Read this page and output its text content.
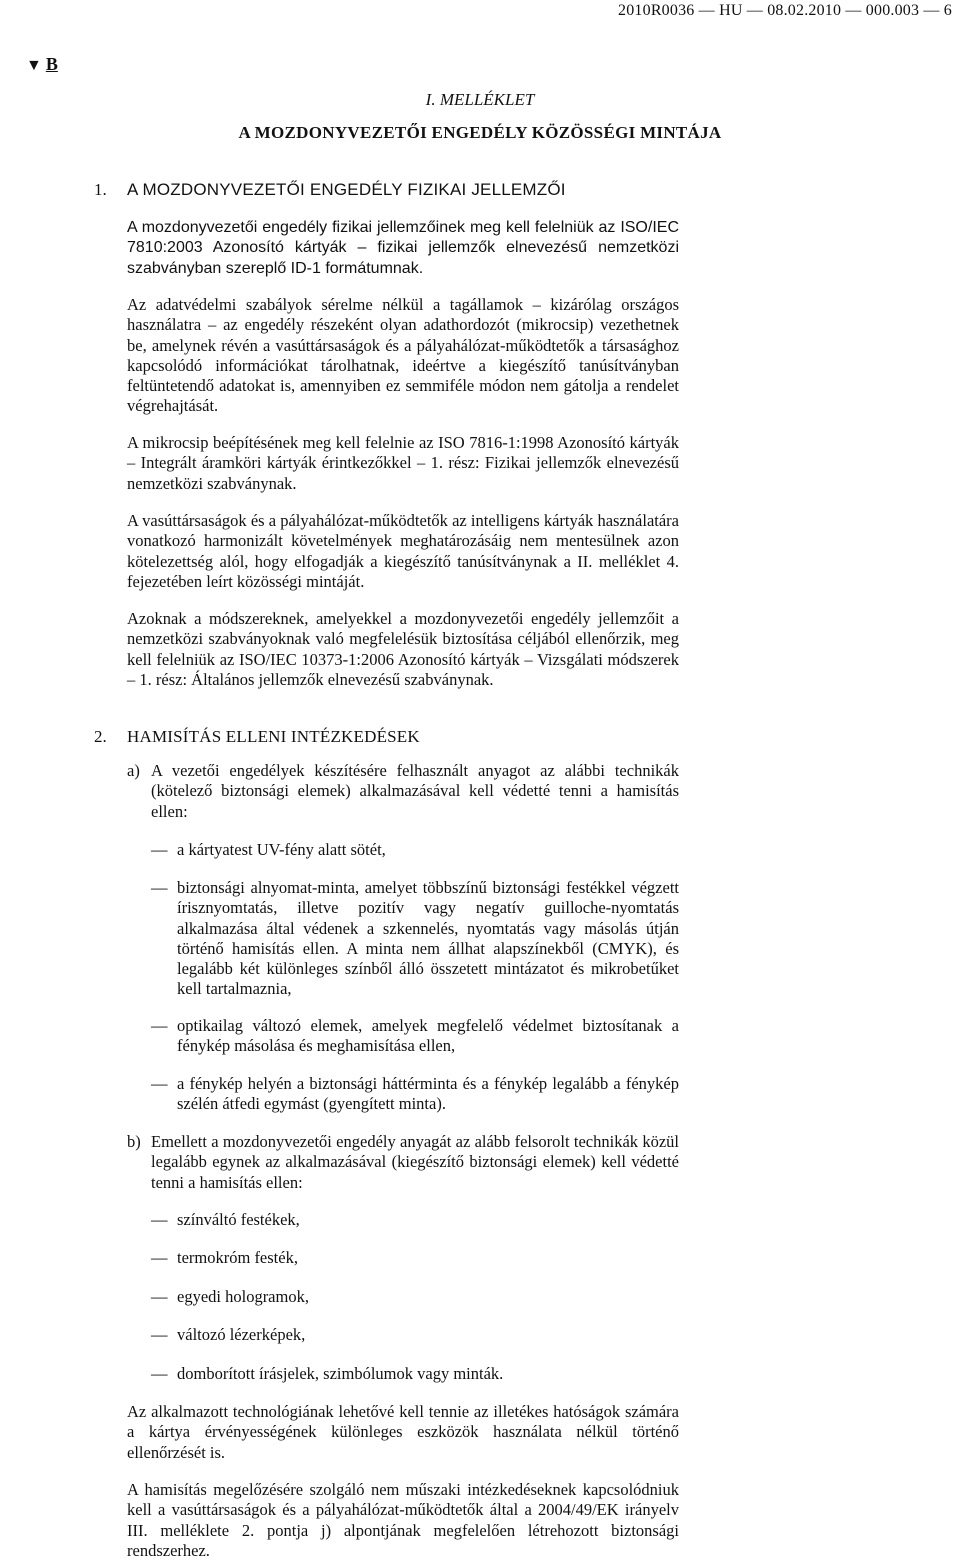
2010R0036 — HU — 08.02.2010 — 000.003 — 6
▼ B
I. MELLÉKLET
A MOZDONYVEZETŐI ENGEDÉLY KÖZÖSSÉGI MINTÁJA
1. A MOZDONYVEZETŐI ENGEDÉLY FIZIKAI JELLEMZŐI

A mozdonyvezetői engedély fizikai jellemzőinek meg kell felelniük az ISO/IEC 7810:2003 Azonosító kártyák – fizikai jellemzők elnevezésű nemzetközi szabványban szereplő ID-1 formátumnak.

Az adatvédelmi szabályok sérelme nélkül a tagállamok – kizárólag országos használatra – az engedély részeként olyan adathordozót (mikrocsip) vezethetnek be, amelynek révén a vasúttársaságok és a pályahálózat-működtetők a társasághoz kapcsolódó információkat tárolhatnak, ideértve a kiegészítő tanúsítványban feltüntetendő adatokat is, amennyiben ez semmiféle módon nem gátolja a rendelet végrehajtását.

A mikrocsip beépítésének meg kell felelnie az ISO 7816-1:1998 Azonosító kártyák – Integrált áramköri kártyák érintkezőkkel – 1. rész: Fizikai jellemzők elnevezésű nemzetközi szabványnak.

A vasúttársaságok és a pályahálózat-működtetők az intelligens kártyák használatára vonatkozó harmonizált követelmények meghatározásáig nem mentesülnek azon kötelezettség alól, hogy elfogadják a kiegészítő tanúsítványnak a II. melléklet 4. fejezetében leírt közösségi mintáját.

Azoknak a módszereknek, amelyekkel a mozdonyvezetői engedély jellemzőit a nemzetközi szabványoknak való megfelelésük biztosítása céljából ellenőrzik, meg kell felelniük az ISO/IEC 10373-1:2006 Azonosító kártyák – Vizsgálati módszerek – 1. rész: Általános jellemzők elnevezésű szabványnak.

2. HAMISÍTÁS ELLENI INTÉZKEDÉSEK
a) A vezetői engedélyek készítésére felhasznált anyagot az alábbi technikák (kötelező biztonsági elemek) alkalmazásával kell védetté tenni a hamisítás ellen:

— a kártyatest UV-fény alatt sötét,

— biztonsági alnyomat-minta, amelyet többszínű biztonsági festékkel végzett írisznyomtatás, illetve pozitív vagy negatív guilloche-nyomtatás alkalmazása által védenek a szkennelés, nyomtatás vagy másolás útján történő hamisítás ellen. A minta nem állhat alapszínekből (CMYK), és legalább két különleges színből álló összetett mintázatot és mikrobetűket kell tartalmaznia,

— optikailag változó elemek, amelyek megfelelő védelmet biztosítanak a fénykép másolása és meghamisítása ellen,

— a fénykép helyén a biztonsági háttérminta és a fénykép legalább a fénykép szélén átfedi egymást (gyengített minta).

b) Emellett a mozdonyvezetői engedély anyagát az alább felsorolt technikák közül legalább egynek az alkalmazásával (kiegészítő biztonsági elemek) kell védetté tenni a hamisítás ellen:

— színváltó festékek,

— termokróm festék,

— egyedi hologramok,

— változó lézerképek,

— domborított írásjelek, szimbólumok vagy minták.

Az alkalmazott technológiának lehetővé kell tennie az illetékes hatóságok számára a kártya érvényességének különleges eszközök használata nélkül történő ellenőrzését is.

A hamisítás megelőzésére szolgáló nem műszaki intézkedéseknek kapcsolódniuk kell a vasúttársaságok és a pályahálózat-működtetők által a 2004/49/EK irányelv III. melléklete 2. pontja j) alpontjának megfelelően létrehozott biztonsági rendszerhez.
